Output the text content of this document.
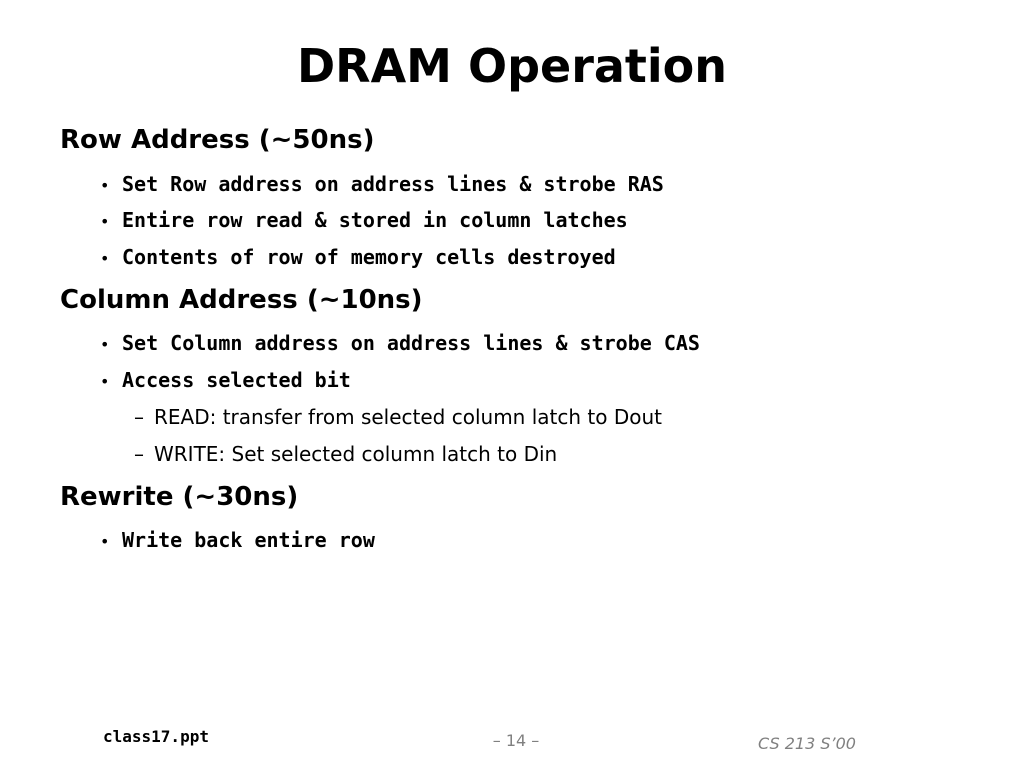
DRAM Operation
Row Address (~50ns)
• Set Row address on address lines & strobe RAS
• Entire row read & stored in column latches
• Contents of row of memory cells destroyed
Column Address (~10ns)
• Set Column address on address lines & strobe CAS
• Access selected bit
– READ: transfer from selected column latch to Dout
– WRITE: Set selected column latch to Din
Rewrite (~30ns)
• Write back entire row
class17.ppt	– 14 –	CS 213 S’00
